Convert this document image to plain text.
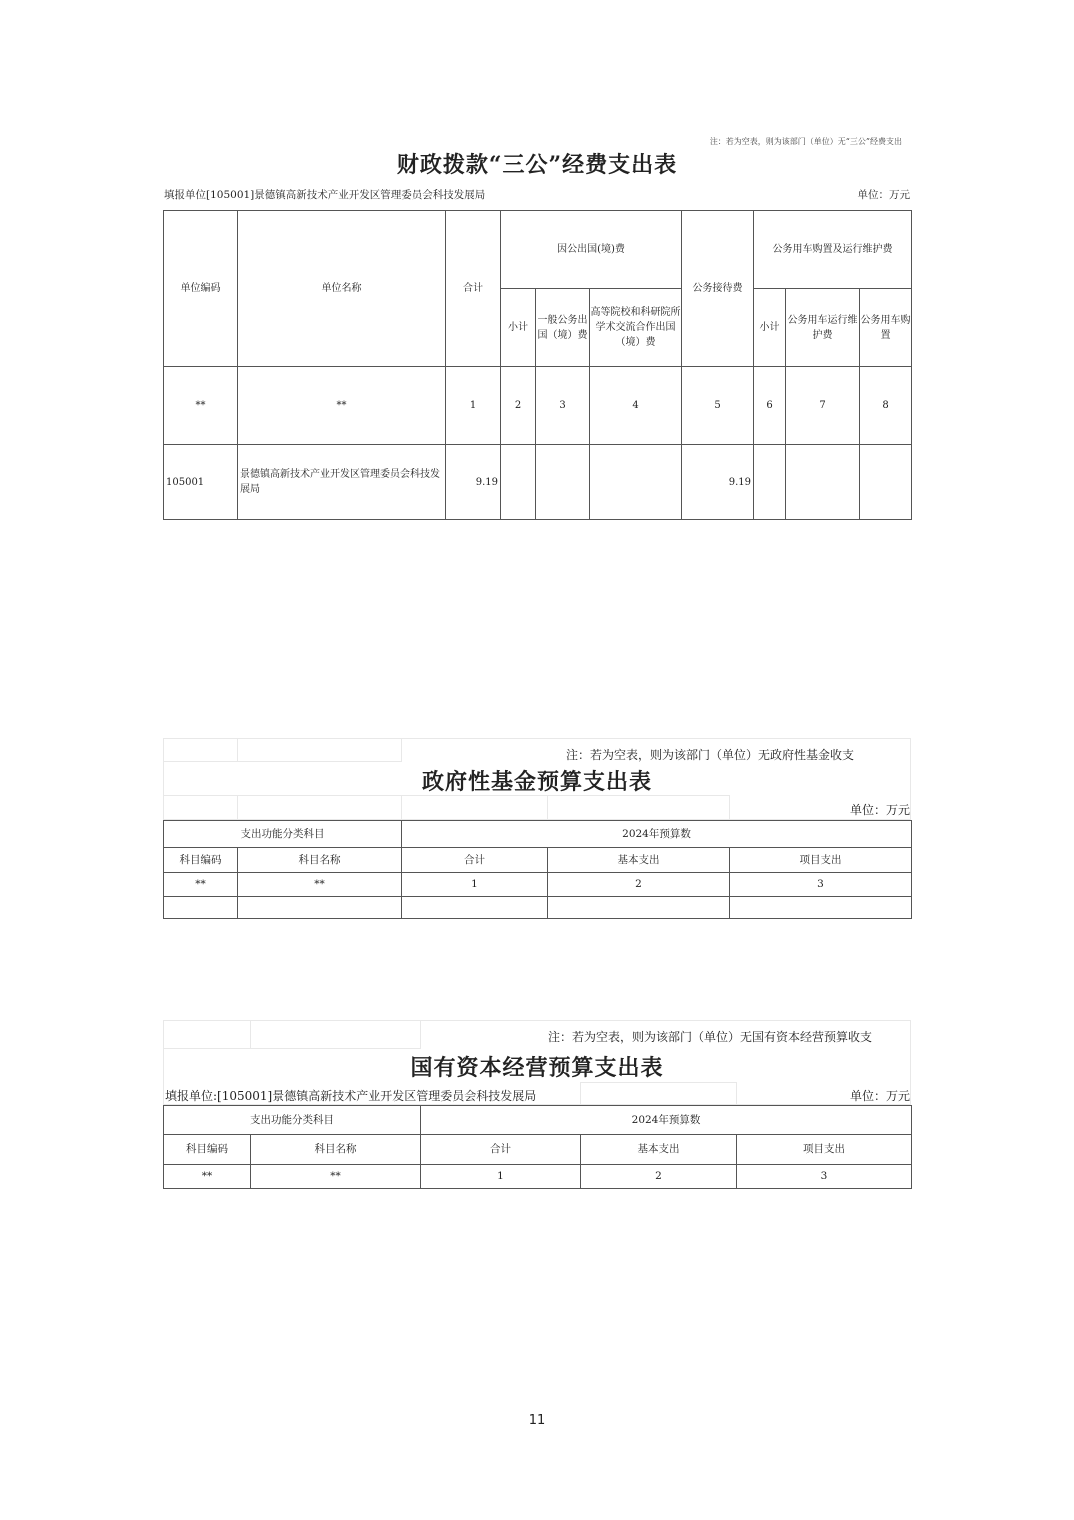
注：若为空表，则为该部门（单位）无“三公”经费支出
财政拨款“三公”经费支出表
填报单位[105001]景德镇高新技术产业开发区管理委员会科技发展局	单位：万元
单位编码	单位名称	合计	因公出国(境)费			公务接待费	公务用车购置及运行维护费		
			小计	一般公务出国（境）费	高等院校和科研院所学术交流合作出国（境）费		小计	公务用车运行维护费	公务用车购置
**	**	1	2	3	4	5	6	7	8
105001	景德镇高新技术产业开发区管理委员会科技发展局	9.19				9.19			
注：若为空表，则为该部门（单位）无政府性基金收支
政府性基金预算支出表
单位：万元
支出功能分类科目		2024年预算数		
科目编码	科目名称	合计	基本支出	项目支出
**	**	1	2	3

注：若为空表，则为该部门（单位）无国有资本经营预算收支
国有资本经营预算支出表
填报单位:[105001]景德镇高新技术产业开发区管理委员会科技发展局	单位：万元
支出功能分类科目		2024年预算数		
科目编码	科目名称	合计	基本支出	项目支出
**	**	1	2	3
11
